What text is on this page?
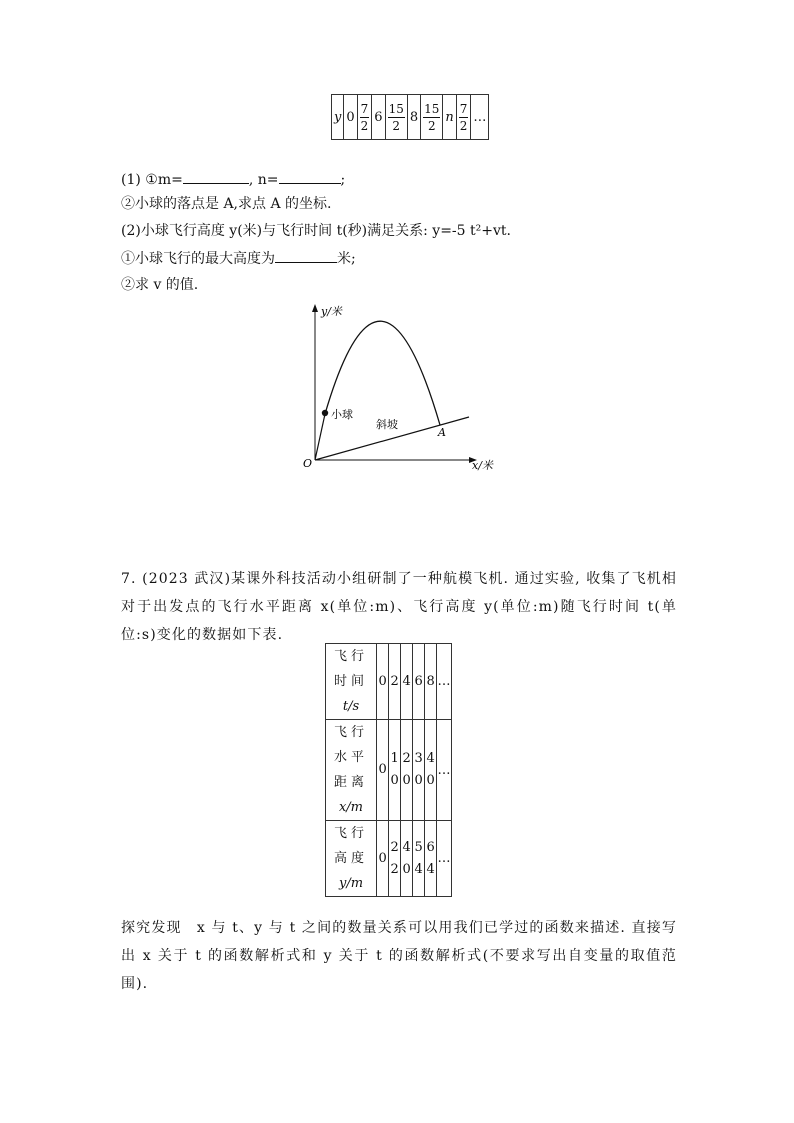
y	0	$\frac{7}{2}$	6	$\frac{15}{2}$	8	$\frac{15}{2}$	n	$\frac{7}{2}$	…
(1) ①m=	, n=	;
②小球的落点是 A,求点 A 的坐标.
(2)小球飞行高度 y(米)与飞行时间 t(秒)满足关系: y=-5 t²+vt.
①小球飞行的最大高度为	米;
②求 v 的值.
y/米
x/米
O
小球
斜坡
A
7. (2023 武汉)某课外科技活动小组研制了一种航模飞机. 通过实验, 收集了飞机相对于出发点的飞行水平距离 x(单位:m)、飞行高度 y(单位:m)随飞行时间 t(单位:s)变化的数据如下表.
飞行
时间
t/s	0	2	4	6	8	…

飞行
水平
距离
x/m	0	10	20	30	40	…

飞行
高度
y/m	0	22	40	54	64	…
探究发现　x 与 t、y 与 t 之间的数量关系可以用我们已学过的函数来描述. 直接写出 x 关于 t 的函数解析式和 y 关于 t 的函数解析式(不要求写出自变量的取值范围).
